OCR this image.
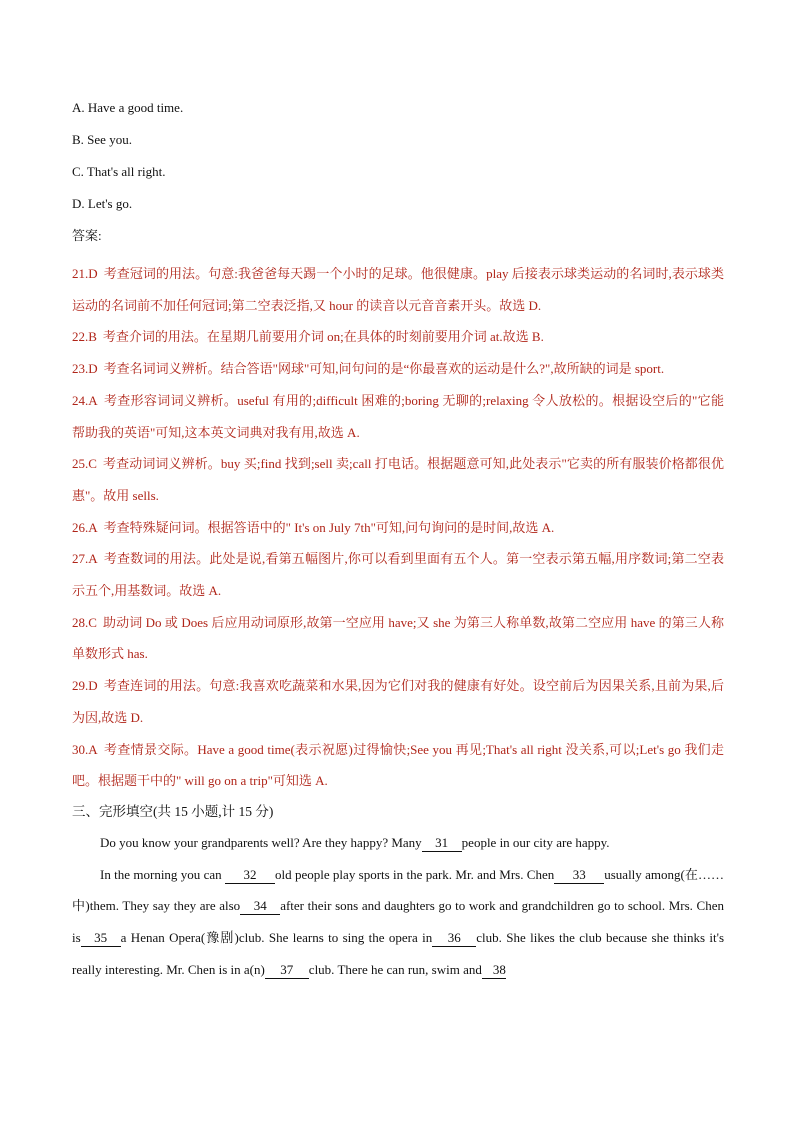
A. Have a good time.
B. See you.
C. That's all right.
D. Let's go.
答案:
21.D 考查冠词的用法。句意:我爸爸每天踢一个小时的足球。他很健康。play 后接表示球类运动的名词时,表示球类运动的名词前不加任何冠词;第二空表泛指,又 hour 的读音以元音音素开头。故选 D.
22.B 考查介词的用法。在星期几前要用介词 on;在具体的时刻前要用介词 at.故选 B.
23.D 考查名词词义辨析。结合答语"网球"可知,问句问的是“你最喜欢的运动是什么?",故所缺的词是 sport.
24.A 考查形容词词义辨析。useful 有用的;difficult 困难的;boring 无聊的;relaxing 令人放松的。根据设空后的"它能帮助我的英语"可知,这本英文词典对我有用,故选 A.
25.C 考查动词词义辨析。buy 买;find 找到;sell 卖;call 打电话。根据题意可知,此处表示"它卖的所有服装价格都很优惠"。故用 sells.
26.A 考查特殊疑问词。根据答语中的" It's on July 7th"可知,问句询问的是时间,故选 A.
27.A 考查数词的用法。此处是说,看第五幅图片,你可以看到里面有五个人。第一空表示第五幅,用序数词;第二空表示五个,用基数词。故选 A.
28.C 助动词 Do 或 Does 后应用动词原形,故第一空应用 have;又 she 为第三人称单数,故第二空应用 have 的第三人称单数形式 has.
29.D 考查连词的用法。句意:我喜欢吃蔬菜和水果,因为它们对我的健康有好处。设空前后为因果关系,且前为果,后为因,故选 D.
30.A 考查情景交际。Have a good time(表示祝愿)过得愉快;See you 再见;That's all right 没关系,可以;Let's go 我们走吧。根据题干中的" will go on a trip"可知选 A.
三、完形填空(共 15 小题,计 15 分)

Do you know your grandparents well? Are they happy? Many 31 people in our city are happy.

In the morning you can 32 old people play sports in the park. Mr. and Mrs. Chen 33 usually among(在……中)them. They say they are also 34 after their sons and daughters go to work and grandchildren go to school. Mrs. Chen is 35 a Henan Opera(豫剧)club. She learns to sing the opera in 36 club. She likes the club because she thinks it's really interesting. Mr. Chen is in a(n) 37 club. There he can run, swim and 38
